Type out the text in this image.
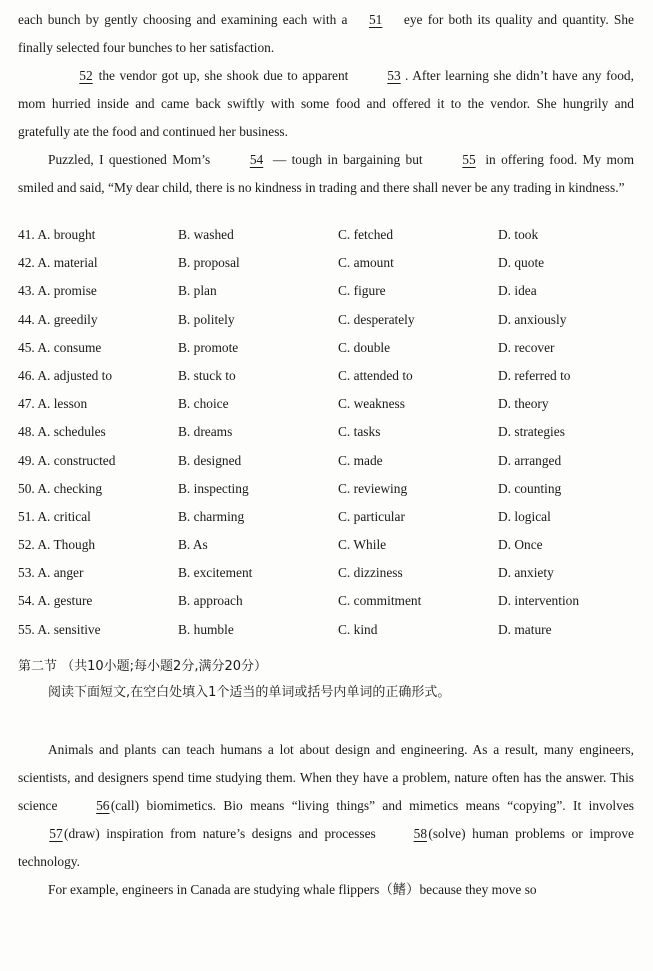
each bunch by gently choosing and examining each with a 51 eye for both its quality and quantity. She finally selected four bunches to her satisfaction.

52 the vendor got up, she shook due to apparent	53 . After learning she didn’t have any food, mom hurried inside and came back swiftly with some food and offered it to the vendor. She hungrily and gratefully ate the food and continued her business.

Puzzled, I questioned Mom’s	54 — tough in bargaining but	55 in offering food. My mom smiled and said, “My dear child, there is no kindness in trading and there shall never be any trading in kindness.”

41. A. brought	B. washed	C. fetched	D. took
42. A. material	B. proposal	C. amount	D. quote
43. A. promise	B. plan	C. figure	D. idea
44. A. greedily	B. politely	C. desperately	D. anxiously
45. A. consume	B. promote	C. double	D. recover
46. A. adjusted to	B. stuck to	C. attended to	D. referred to
47. A. lesson	B. choice	C. weakness	D. theory
48. A. schedules	B. dreams	C. tasks	D. strategies
49. A. constructed	B. designed	C. made	D. arranged
50. A. checking	B. inspecting	C. reviewing	D. counting
51. A. critical	B. charming	C. particular	D. logical
52. A. Though	B. As	C. While	D. Once
53. A. anger	B. excitement	C. dizziness	D. anxiety
54. A. gesture	B. approach	C. commitment	D. intervention
55. A. sensitive	B. humble	C. kind	D. mature
第二节 （共10小题;每小题2分,满分20分）
阅读下面短文,在空白处填入1个适当的单词或括号内单词的正确形式。

Animals and plants can teach humans a lot about design and engineering. As a result, many engineers, scientists, and designers spend time studying them. When they have a problem, nature often has the answer. This science	56(call) biomimetics. Bio means “living things” and mimetics means “copying”. It involves 57(draw) inspiration from nature’s designs and processes	58(solve) human problems or improve technology.

For example, engineers in Canada are studying whale flippers（鳍）because they move so
